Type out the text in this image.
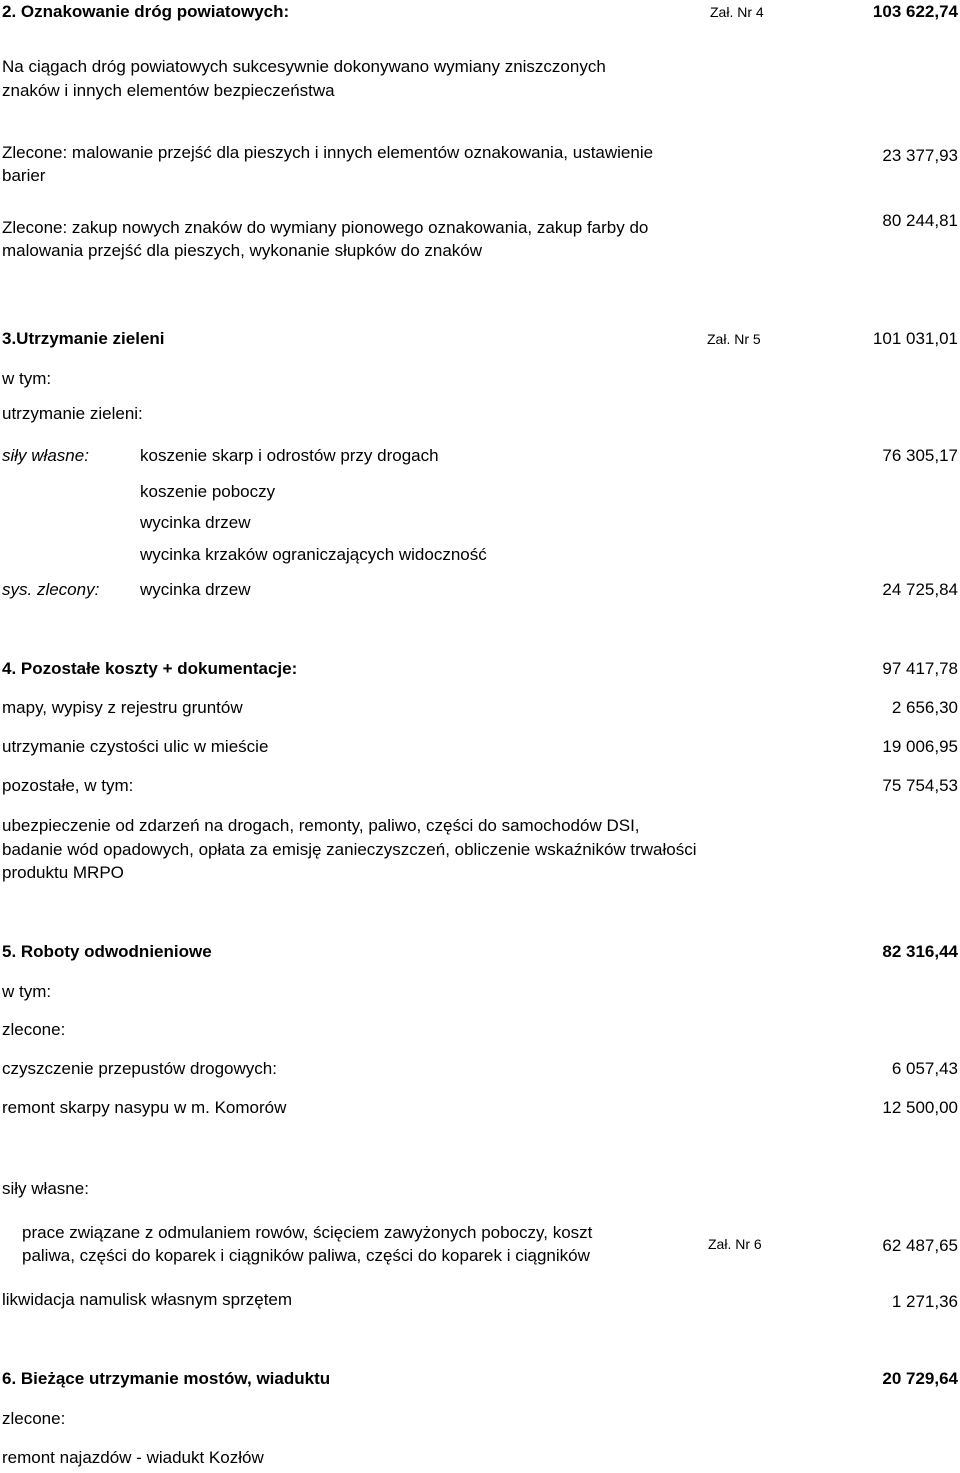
2. Oznakowanie dróg powiatowych:	Zał. Nr 4	103 622,74
Na ciągach dróg powiatowych sukcesywnie dokonywano wymiany zniszczonych
znaków i innych elementów bezpieczeństwa
Zlecone: malowanie przejść dla pieszych i innych elementów oznakowania, ustawienie
barier
23 377,93
Zlecone: zakup nowych znaków do wymiany pionowego oznakowania, zakup farby do
malowania przejść dla pieszych, wykonanie słupków do znaków
80 244,81
3.Utrzymanie zieleni	Zał. Nr 5	101 031,01
w tym:
utrzymanie zieleni:
siły własne:	koszenie skarp i odrostów przy drogach
koszenie poboczy
wycinka drzew
wycinka krzaków ograniczających widoczność
76 305,17
sys. zlecony: wycinka drzew	24 725,84
4. Pozostałe koszty + dokumentacje:	97 417,78
mapy, wypisy z rejestru gruntów	2 656,30
utrzymanie czystości ulic w mieście	19 006,95
pozostałe, w tym:	75 754,53
ubezpieczenie od zdarzeń na drogach, remonty, paliwo, części do samochodów DSI,
badanie wód opadowych, opłata za emisję zanieczyszczeń, obliczenie wskaźników trwałości
produktu MRPO
5. Roboty odwodnieniowe	82 316,44
w tym:
zlecone:
czyszczenie przepustów drogowych:	6 057,43
remont skarpy nasypu w m. Komorów	12 500,00
siły własne:
prace związane z odmulaniem rowów, ścięciem zawyżonych poboczy, koszt
paliwa, części do koparek i ciągników paliwa, części do koparek i ciągników
Zał. Nr 6	62 487,65
likwidacja namulisk własnym sprzętem	1 271,36
6. Bieżące utrzymanie mostów, wiaduktu	20 729,64
zlecone:
remont najazdów - wiadukt Kozłów
